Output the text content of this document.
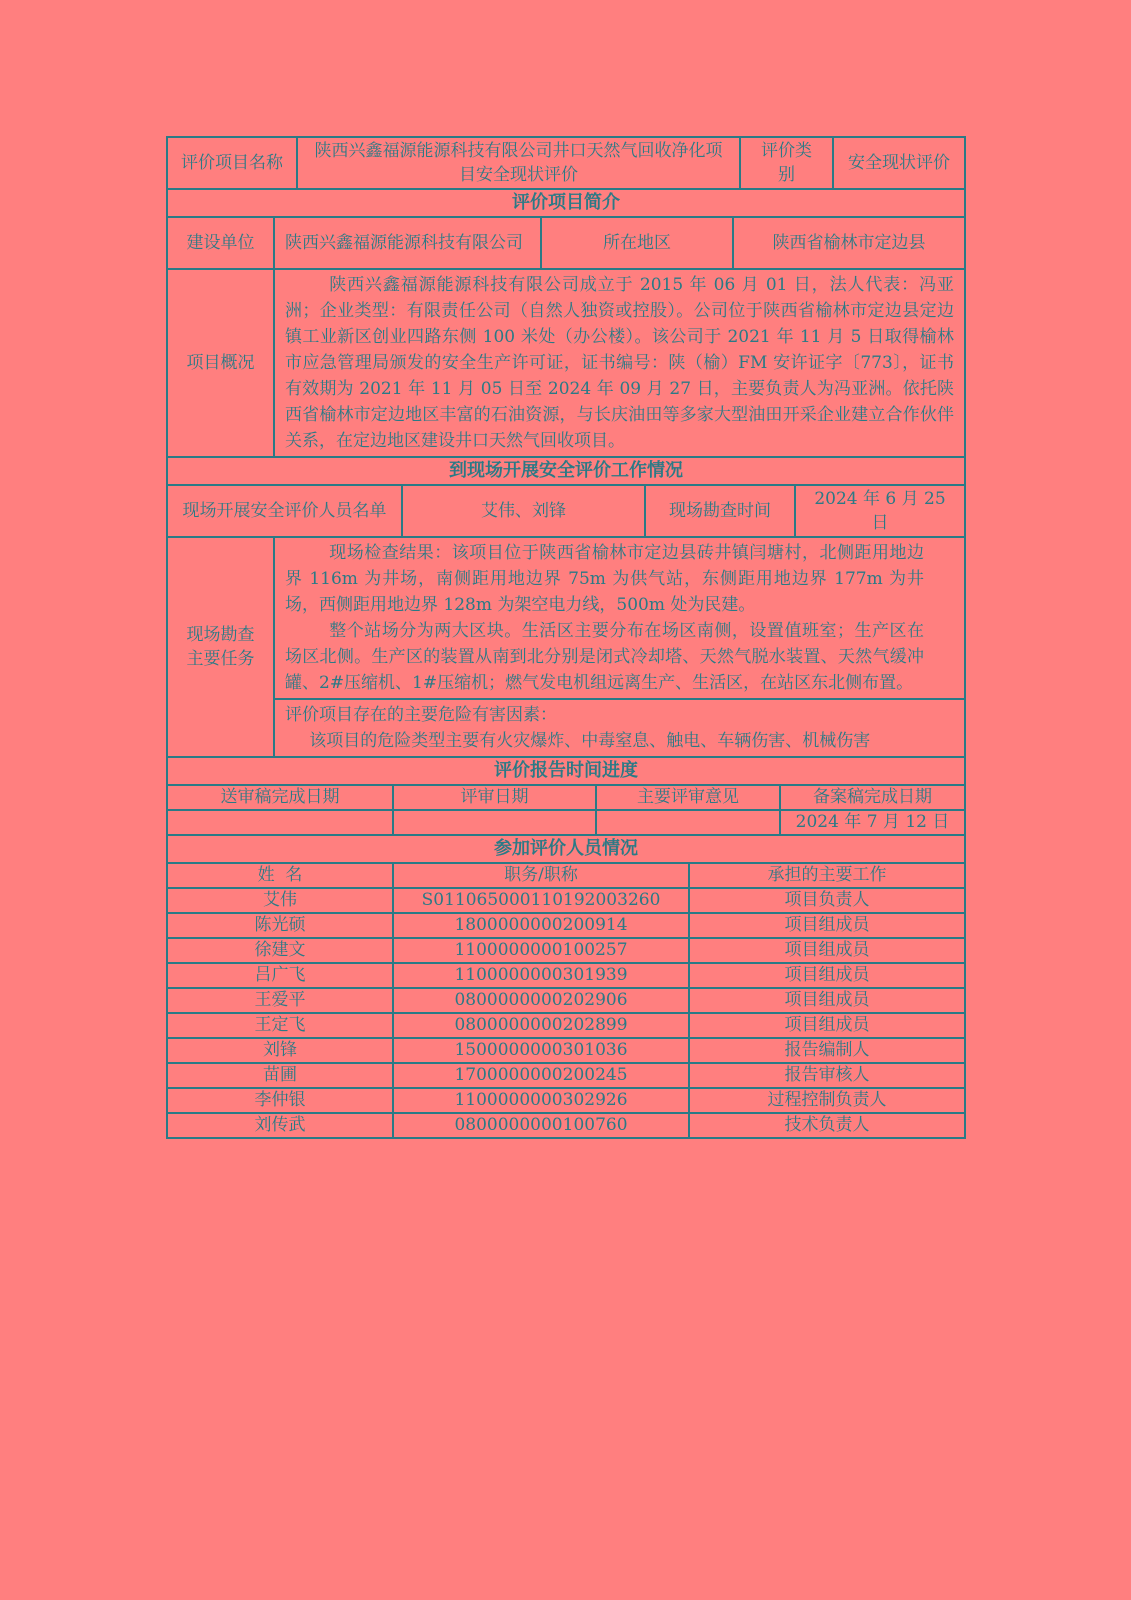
评价项目名称	陕西兴鑫福源能源科技有限公司井口天然气回收净化项目安全现状评价	评价类别	安全现状评价
评价项目简介			
建设单位	陕西兴鑫福源能源科技有限公司	所在地区	陕西省榆林市定边县
项目概况	陕西兴鑫福源能源科技有限公司成立于 2015 年 06 月 01 日，法人代表：冯亚洲；企业类型：有限责任公司（自然人独资或控股）。公司位于陕西省榆林市定边县定边镇工业新区创业四路东侧 100 米处（办公楼）。该公司于 2021 年 11 月 5 日取得榆林市应急管理局颁发的安全生产许可证，证书编号：陕（榆）FM 安许证字〔773〕，证书有效期为 2021 年 11 月 05 日至 2024 年 09 月 27 日，主要负责人为冯亚洲。依托陕西省榆林市定边地区丰富的石油资源，与长庆油田等多家大型油田开采企业建立合作伙伴关系，在定边地区建设井口天然气回收项目。		

到现场开展安全评价工作情况				
现场开展安全评价人员名单		艾伟、刘锋	现场勘查时间	2024 年 6 月 25 日
现场勘查主要任务	现场检查结果：该项目位于陕西省榆林市定边县砖井镇闫塘村，北侧距用地边界 116m 为井场，南侧距用地边界 75m 为供气站，东侧距用地边界 177m 为井场，西侧距用地边界 128m 为架空电力线，500m 处为民建。

整个站场分为两大区块。生活区主要分布在场区南侧，设置值班室；生产区在场区北侧。生产区的装置从南到北分别是闭式冷却塔、天然气脱水装置、天然气缓冲罐、2#压缩机、1#压缩机；燃气发电机组远离生产、生活区，在站区东北侧布置。			

	评价项目存在的主要危险有害因素：

该项目的危险类型主要有火灾爆炸、中毒窒息、触电、车辆伤害、机械伤害			

评价报告时间进度			
送审稿完成日期	评审日期	主要评审意见	备案稿完成日期
			2024 年 7 月 12 日
参加评价人员情况		
姓  名	职务/职称	承担的主要工作
艾伟	S011065000110192003260	项目负责人
陈光硕	1800000000200914	项目组成员
徐建文	1100000000100257	项目组成员
吕广飞	1100000000301939	项目组成员
王爱平	0800000000202906	项目组成员
王定飞	0800000000202899	项目组成员
刘锋	1500000000301036	报告编制人
苗圃	1700000000200245	报告审核人
李仲银	1100000000302926	过程控制负责人
刘传武	0800000000100760	技术负责人
